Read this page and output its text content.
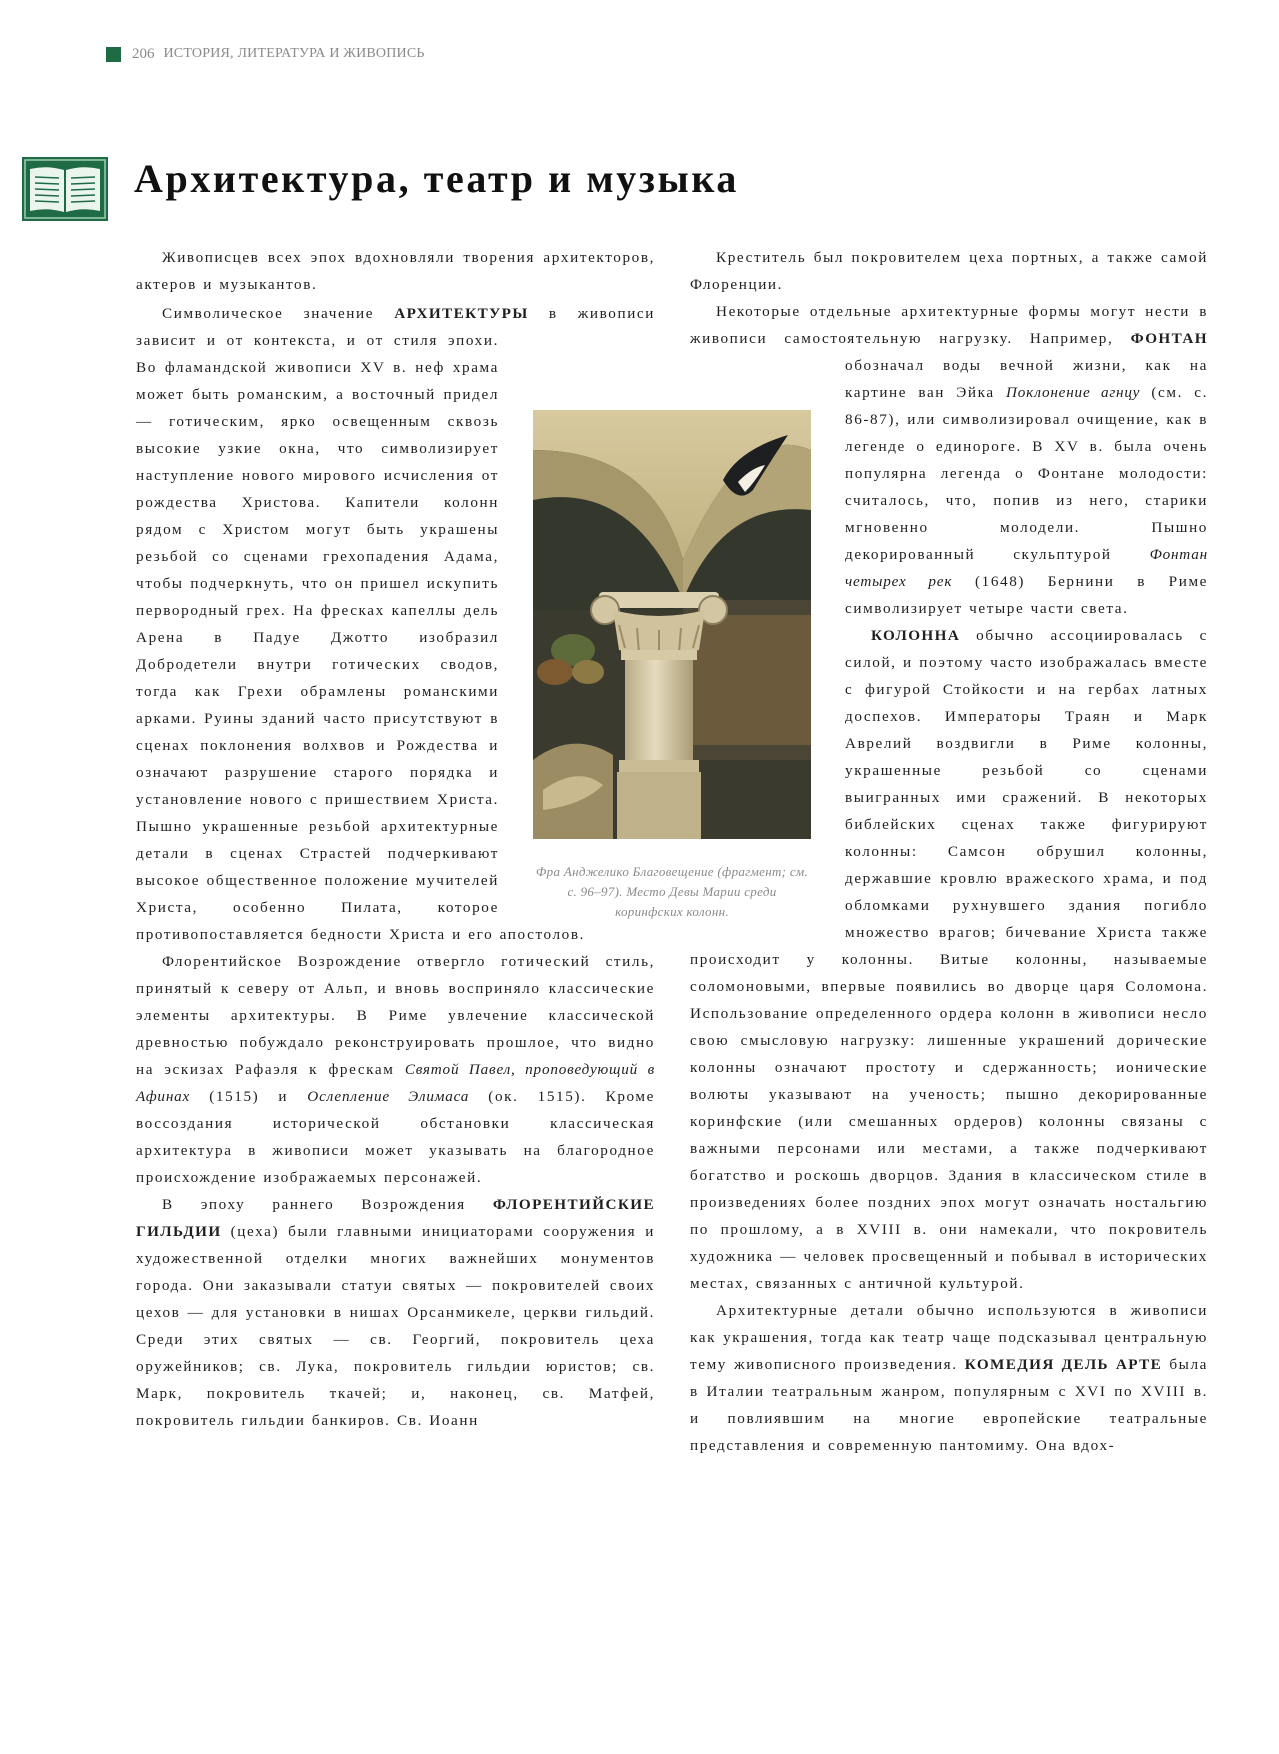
206 ИСТОРИЯ, ЛИТЕРАТУРА И ЖИВОПИСЬ
Архитектура, театр и музыка

Живописцев всех эпох вдохновляли творения архитекторов, актеров и музыкантов.

Символическое значение АРХИТЕКТУРЫ
в живописи зависит и от контекста, и от стиля эпохи. Во фламандской живописи XV в. неф храма может быть романским, а восточный придел — готическим, ярко освещенным сквозь высокие узкие окна, что символизирует наступление нового мирового исчисления от рождества Христова. Капители колонн рядом с Христом могут быть украшены резьбой со сценами грехопадения Адама, чтобы подчеркнуть, что он пришел искупить первородный грех. На фресках капеллы дель Арена в Падуе Джотто изобразил Добродетели внутри готических сводов, тогда как Грехи обрамлены романскими арками. Руины зданий часто присутствуют в сценах поклонения волхвов и Рождества и означают разрушение старого порядка и установление нового с пришествием Христа. Пышно украшенные резьбой архитектурные детали в сценах Страстей подчеркивают высокое общественное положение мучителей Христа, особенно Пилата, которое противопоставляется бедности Христа и его апостолов.

Флорентийское Возрождение отвергло готический стиль, принятый к северу от Альп, и вновь восприняло классические элементы архитектуры. В Риме увлечение классической древностью побуждало реконструировать прошлое, что видно на эскизах Рафаэля к фрескам Святой Павел, проповедующий в Афинах (1515) и Ослепление Элимаса (ок. 1515). Кроме воссоздания исторической обстановки классическая архитектура в живописи может указывать на благородное происхождение изображаемых персонажей.

В эпоху раннего Возрождения ФЛОРЕНТИЙСКИЕ ГИЛЬДИИ (цеха) были главными инициаторами сооружения и художественной отделки многих важнейших монументов города. Они заказывали статуи святых — покровителей своих цехов — для установки в нишах Орсанмикеле, церкви гильдий. Среди этих святых — св. Георгий, покровитель цеха оружейников; св. Лука, покровитель гильдии юристов; св. Марк, покровитель ткачей; и, наконец, св. Матфей, покровитель гильдии банкиров. Св. Иоанн

Креститель был покровителем цеха портных, а также самой Флоренции.

Некоторые отдельные архитектурные формы могут нести в живописи самостоятельную нагрузку. Например, ФОНТАН
обозначал воды вечной жизни, как на картине ван Эйка Поклонение агнцу (см. с. 86-87), или символизировал очищение, как в легенде о единороге. В XV в. была очень популярна легенда о Фонтане молодости: считалось, что, попив из него, старики мгновенно молодели. Пышно декорированный скульптурой Фонтан четырех рек (1648) Бернини в Риме символизирует четыре части света.

КОЛОННА обычно ассоциировалась с силой, и поэтому часто изображалась вместе с фигурой Стойкости и на гербах латных доспехов. Императоры Траян и Марк Аврелий воздвигли в Риме колонны, украшенные резьбой со сценами выигранных ими сражений. В некоторых библейских сценах также фигурируют колонны: Самсон обрушил колонны, державшие кровлю вражеского храма, и под обломками рухнувшего здания погибло множество врагов; бичевание Христа также происходит у колонны. Витые колонны, называемые соломоновыми, впервые появились во дворце царя Соломона. Использование определенного ордера колонн в живописи несло свою смысловую нагрузку: лишенные украшений дорические колонны означают простоту и сдержанность; ионические волюты указывают на ученость; пышно декорированные коринфские (или смешанных ордеров) колонны связаны с важными персонами или местами, а также подчеркивают богатство и роскошь дворцов. Здания в классическом стиле в произведениях более поздних эпох могут означать ностальгию по прошлому, а в XVIII в. они намекали, что покровитель художника — человек просвещенный и побывал в исторических местах, связанных с античной культурой.

Архитектурные детали обычно используются в живописи как украшения, тогда как театр чаще подсказывал центральную тему живописного произведения. КОМЕДИЯ ДЕЛЬ АРТЕ была в Италии театральным жанром, популярным с XVI по XVIII в. и повлиявшим на многие европейские театральные представления и современную пантомиму. Она вдох-

Фра Анджелико Благовещение (фрагмент; см. с. 96–97). Место Девы Марии среди коринфских колонн.
